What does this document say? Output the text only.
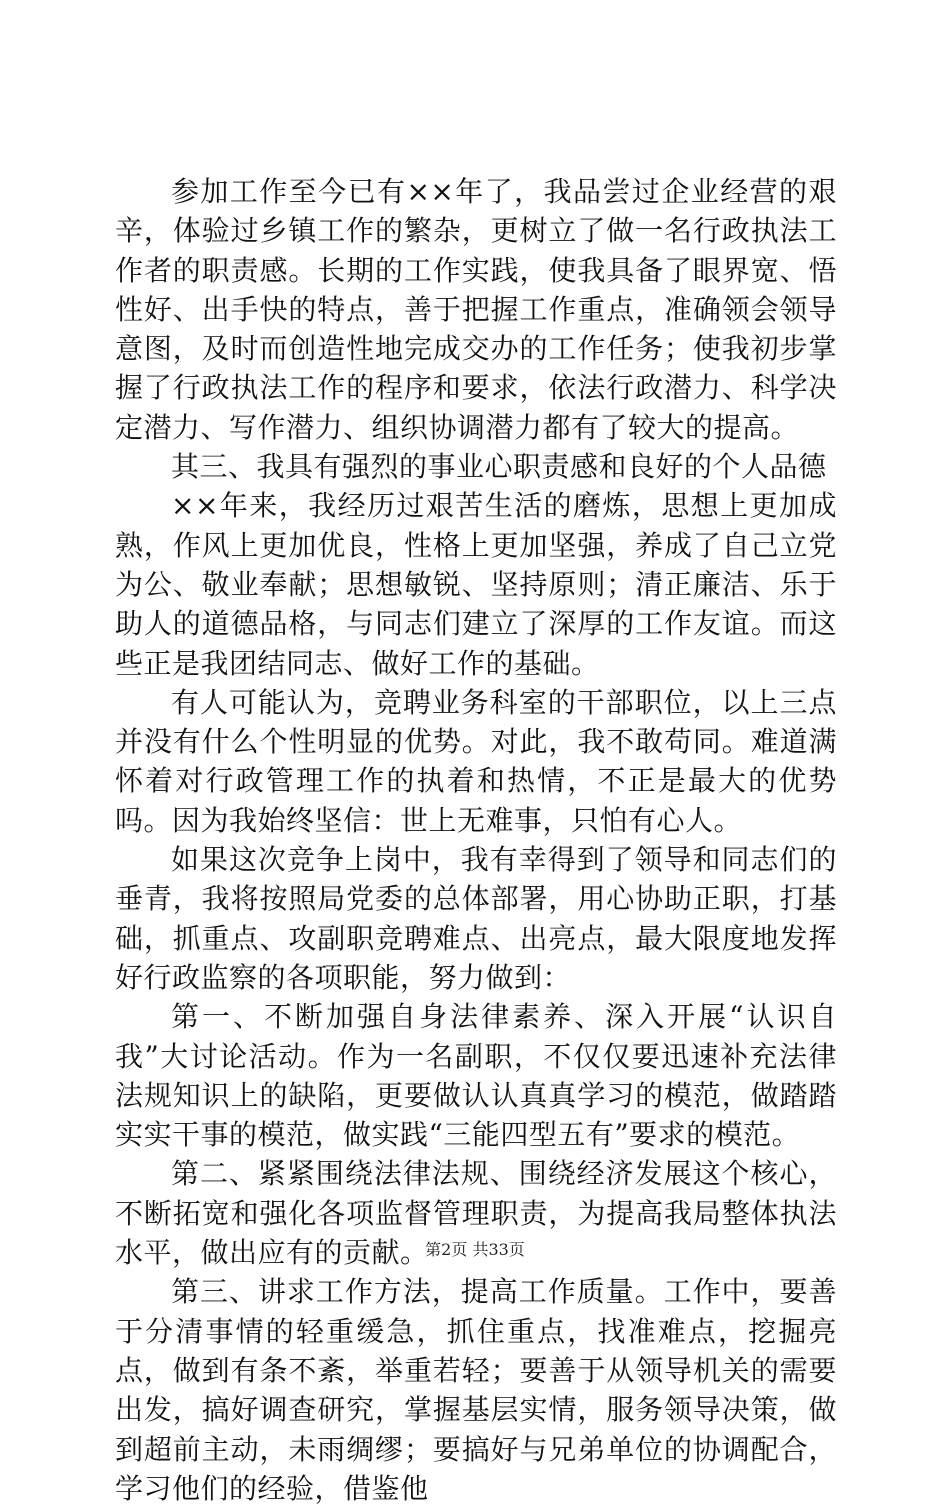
参加工作至今已有××年了，我品尝过企业经营的艰辛，体验过乡镇工作的繁杂，更树立了做一名行政执法工作者的职责感。长期的工作实践，使我具备了眼界宽、悟性好、出手快的特点，善于把握工作重点，准确领会领导意图，及时而创造性地完成交办的工作任务；使我初步掌握了行政执法工作的程序和要求，依法行政潜力、科学决定潜力、写作潜力、组织协调潜力都有了较大的提高。

其三、我具有强烈的事业心职责感和良好的个人品德

××年来，我经历过艰苦生活的磨炼，思想上更加成熟，作风上更加优良，性格上更加坚强，养成了自己立党为公、敬业奉献；思想敏锐、坚持原则；清正廉洁、乐于助人的道德品格，与同志们建立了深厚的工作友谊。而这些正是我团结同志、做好工作的基础。

有人可能认为，竞聘业务科室的干部职位，以上三点并没有什么个性明显的优势。对此，我不敢苟同。难道满怀着对行政管理工作的执着和热情，不正是最大的优势吗。因为我始终坚信：世上无难事，只怕有心人。

如果这次竞争上岗中，我有幸得到了领导和同志们的垂青，我将按照局党委的总体部署，用心协助正职，打基础，抓重点、攻副职竞聘难点、出亮点，最大限度地发挥好行政监察的各项职能，努力做到：

第一、不断加强自身法律素养、深入开展“认识自我”大讨论活动。作为一名副职，不仅仅要迅速补充法律法规知识上的缺陷，更要做认认真真学习的模范，做踏踏实实干事的模范，做实践“三能四型五有”要求的模范。

第二、紧紧围绕法律法规、围绕经济发展这个核心，不断拓宽和强化各项监督管理职责，为提高我局整体执法水平，做出应有的贡献。

第三、讲求工作方法，提高工作质量。工作中，要善于分清事情的轻重缓急，抓住重点，找准难点，挖掘亮点，做到有条不紊，举重若轻；要善于从领导机关的需要出发，搞好调查研究，掌握基层实情，服务领导决策，做到超前主动，未雨绸缪；要搞好与兄弟单位的协调配合，学习他们的经验，借鉴他

第2页 共33页
